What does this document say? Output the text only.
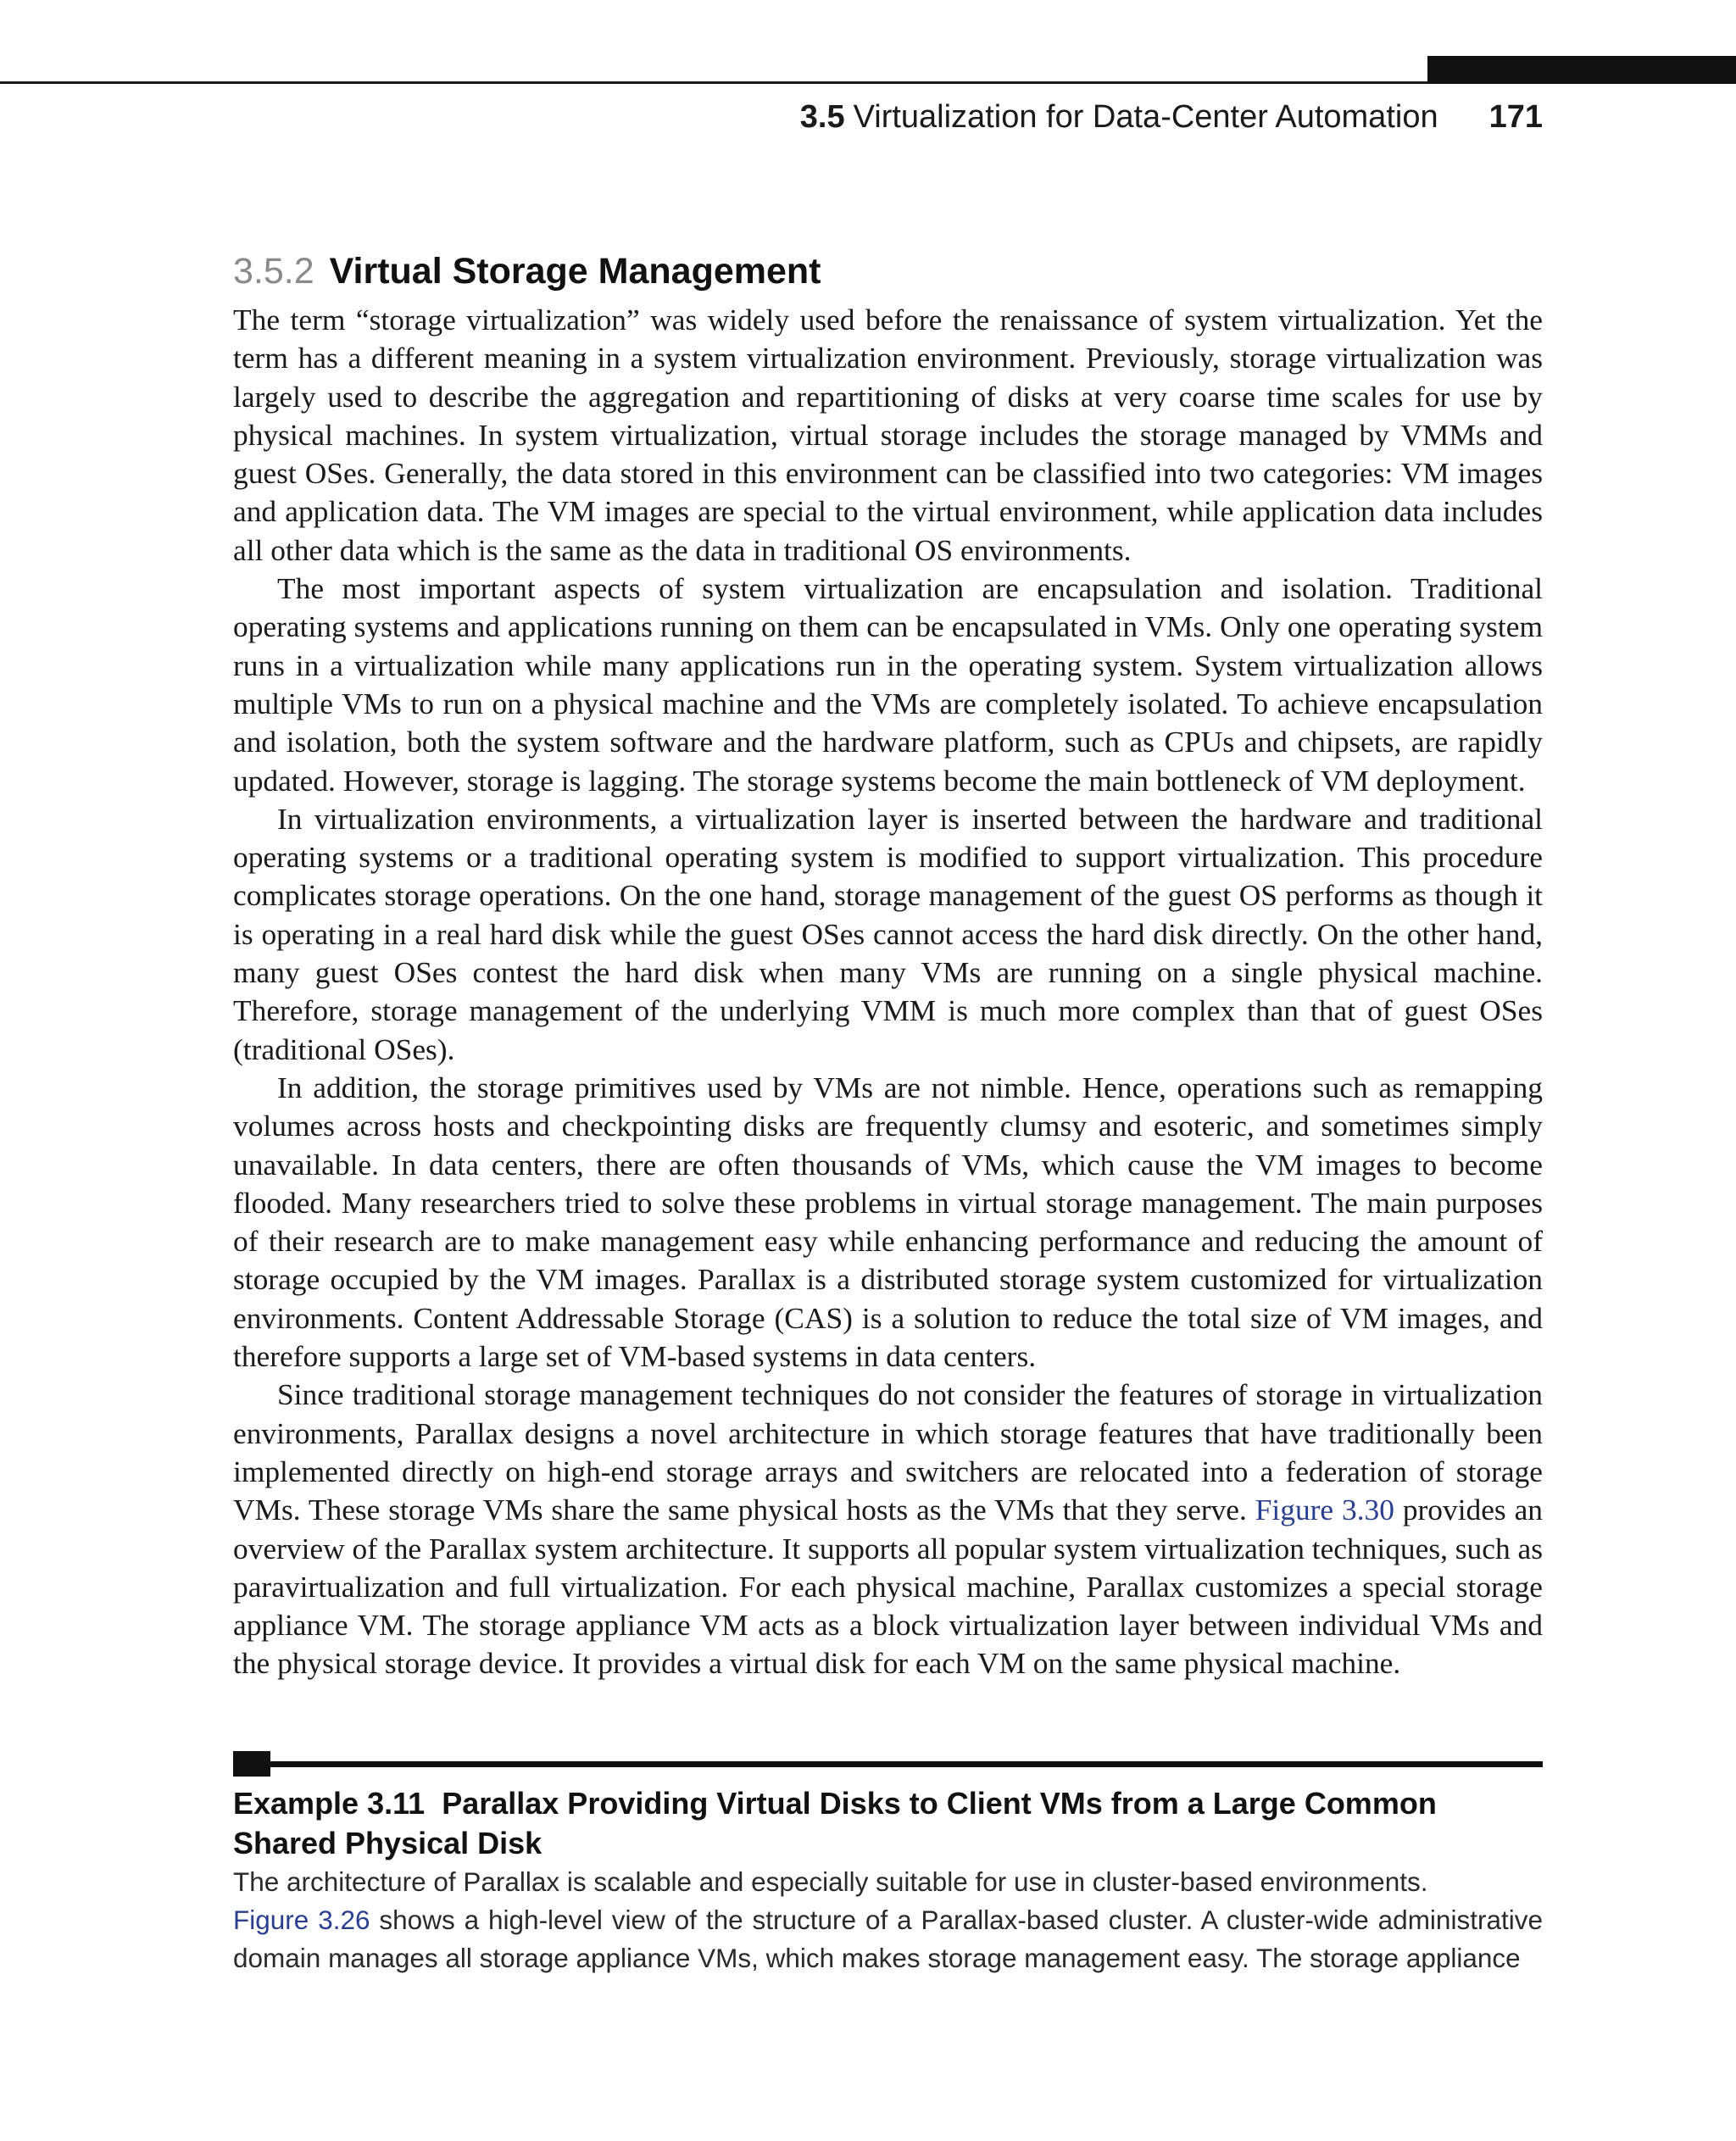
3.5 Virtualization for Data-Center Automation 171
3.5.2 Virtual Storage Management

The term “storage virtualization” was widely used before the renaissance of system virtualization. Yet the term has a different meaning in a system virtualization environment. Previously, storage virtualization was largely used to describe the aggregation and repartitioning of disks at very coarse time scales for use by physical machines. In system virtualization, virtual storage includes the storage managed by VMMs and guest OSes. Generally, the data stored in this environment can be classified into two categories: VM images and application data. The VM images are special to the virtual environment, while application data includes all other data which is the same as the data in traditional OS environments.

The most important aspects of system virtualization are encapsulation and isolation. Traditional operating systems and applications running on them can be encapsulated in VMs. Only one operating system runs in a virtualization while many applications run in the operating system. System virtualization allows multiple VMs to run on a physical machine and the VMs are completely isolated. To achieve encapsulation and isolation, both the system software and the hardware platform, such as CPUs and chipsets, are rapidly updated. However, storage is lagging. The storage systems become the main bottleneck of VM deployment.

In virtualization environments, a virtualization layer is inserted between the hardware and traditional operating systems or a traditional operating system is modified to support virtualization. This procedure complicates storage operations. On the one hand, storage management of the guest OS performs as though it is operating in a real hard disk while the guest OSes cannot access the hard disk directly. On the other hand, many guest OSes contest the hard disk when many VMs are running on a single physical machine. Therefore, storage management of the underlying VMM is much more complex than that of guest OSes (traditional OSes).

In addition, the storage primitives used by VMs are not nimble. Hence, operations such as remapping volumes across hosts and checkpointing disks are frequently clumsy and esoteric, and sometimes simply unavailable. In data centers, there are often thousands of VMs, which cause the VM images to become flooded. Many researchers tried to solve these problems in virtual storage management. The main purposes of their research are to make management easy while enhancing performance and reducing the amount of storage occupied by the VM images. Parallax is a distributed storage system customized for virtualization environments. Content Addressable Storage (CAS) is a solution to reduce the total size of VM images, and therefore supports a large set of VM-based systems in data centers.

Since traditional storage management techniques do not consider the features of storage in virtualization environments, Parallax designs a novel architecture in which storage features that have traditionally been implemented directly on high-end storage arrays and switchers are relocated into a federation of storage VMs. These storage VMs share the same physical hosts as the VMs that they serve. Figure 3.30 provides an overview of the Parallax system architecture. It supports all popular system virtualization techniques, such as paravirtualization and full virtualization. For each physical machine, Parallax customizes a special storage appliance VM. The storage appliance VM acts as a block virtualization layer between individual VMs and the physical storage device. It provides a virtual disk for each VM on the same physical machine.

Example 3.11 Parallax Providing Virtual Disks to Client VMs from a Large Common Shared Physical Disk

The architecture of Parallax is scalable and especially suitable for use in cluster-based environments.
Figure 3.26 shows a high-level view of the structure of a Parallax-based cluster. A cluster-wide administrative domain manages all storage appliance VMs, which makes storage management easy. The storage appliance
